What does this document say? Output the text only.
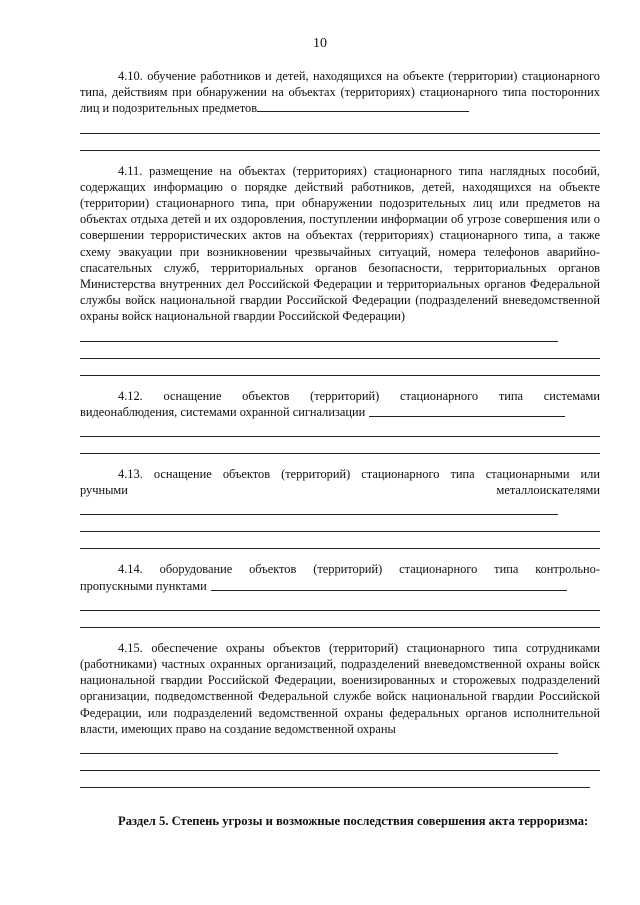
10

4.10. обучение работников и детей, находящихся на объекте (территории) стационарного типа, действиям при обнаружении на объектах (территориях) стационарного типа посторонних лиц и подозрительных предметов

4.11. размещение на объектах (территориях) стационарного типа наглядных пособий, содержащих информацию о порядке действий работников, детей, находящихся на объекте (территории) стационарного типа, при обнаружении подозрительных лиц или предметов на объектах отдыха детей и их оздоровления, поступлении информации об угрозе совершения или о совершении террористических актов на объектах (территориях) стационарного типа, а также схему эвакуации при возникновении чрезвычайных ситуаций, номера телефонов аварийно-спасательных служб, территориальных органов безопасности, территориальных органов Министерства внутренних дел Российской Федерации и территориальных органов Федеральной службы войск национальной гвардии Российской Федерации (подразделений вневедомственной охраны войск национальной гвардии Российской Федерации)

4.12. оснащение объектов (территорий) стационарного типа системами

видеонаблюдения, системами охранной сигнализации

4.13. оснащение объектов (территорий) стационарного типа стационарными или

ручными	металлоискателями

4.14. оборудование объектов (территорий) стационарного типа контрольно-

пропускными пунктами

4.15. обеспечение охраны объектов (территорий) стационарного типа сотрудниками (работниками) частных охранных организаций, подразделений вневедомственной охраны войск национальной гвардии Российской Федерации, военизированных и сторожевых подразделений организации, подведомственной Федеральной службе войск национальной гвардии Российской Федерации, или подразделений ведомственной охраны федеральных органов исполнительной власти, имеющих право на создание ведомственной охраны

Раздел 5. Степень угрозы и возможные последствия совершения акта терроризма:
